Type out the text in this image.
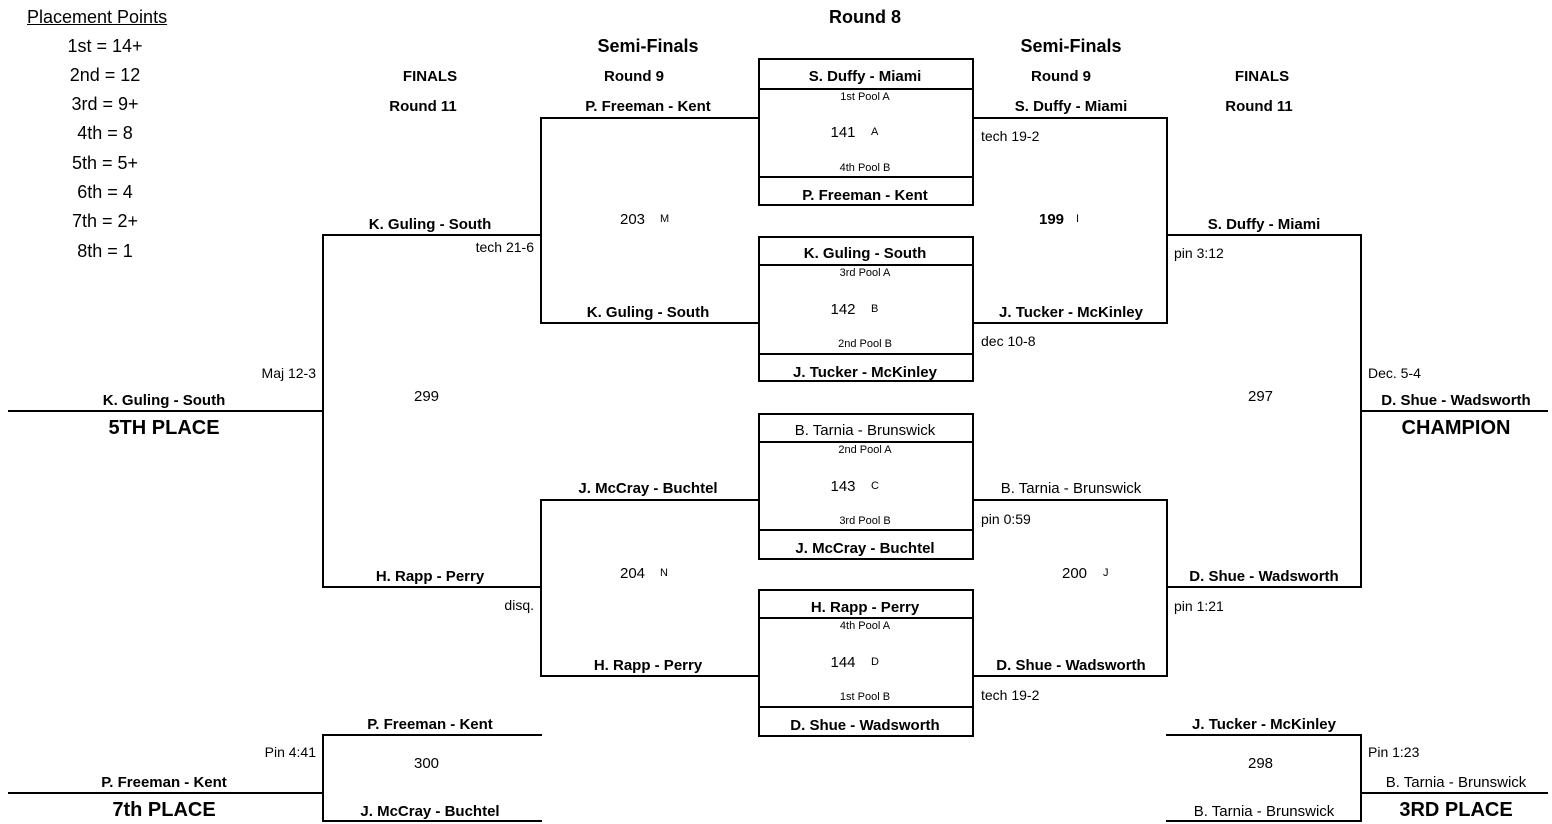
Placement Points
1st = 14+
2nd = 12
3rd = 9+
4th = 8
5th = 5+
6th = 4
7th = 2+
8th = 1
Round 8
Semi-Finals	Semi-Finals
Round 9	Round 9
FINALS	FINALS
Round 11	Round 11
S. Duffy - Miami
1st Pool A
141 A
4th Pool B
P. Freeman - Kent
K. Guling - South
3rd Pool A
142 B
2nd Pool B
J. Tucker - McKinley
B. Tarnia - Brunswick
2nd Pool A
143 C
3rd Pool B
J. McCray - Buchtel
H. Rapp - Perry
4th Pool A
144 D
1st Pool B
D. Shue - Wadsworth
P. Freeman - Kent
K. Guling - South
203 M
J. McCray - Buchtel
H. Rapp - Perry
204 N
K. Guling - South
tech 21-6
H. Rapp - Perry
disq.
299
Maj 12-3
K. Guling - South
5TH PLACE
P. Freeman - Kent
J. McCray - Buchtel
300
Pin 4:41
P. Freeman - Kent
7th PLACE
S. Duffy - Miami
tech 19-2
J. Tucker - McKinley
dec 10-8
199 I
B. Tarnia - Brunswick
pin 0:59
D. Shue - Wadsworth
tech 19-2
200 J
S. Duffy - Miami
pin 3:12
D. Shue - Wadsworth
pin 1:21
297
Dec. 5-4
D. Shue - Wadsworth
CHAMPION
J. Tucker - McKinley
B. Tarnia - Brunswick
298
Pin 1:23
B. Tarnia - Brunswick
3RD PLACE
